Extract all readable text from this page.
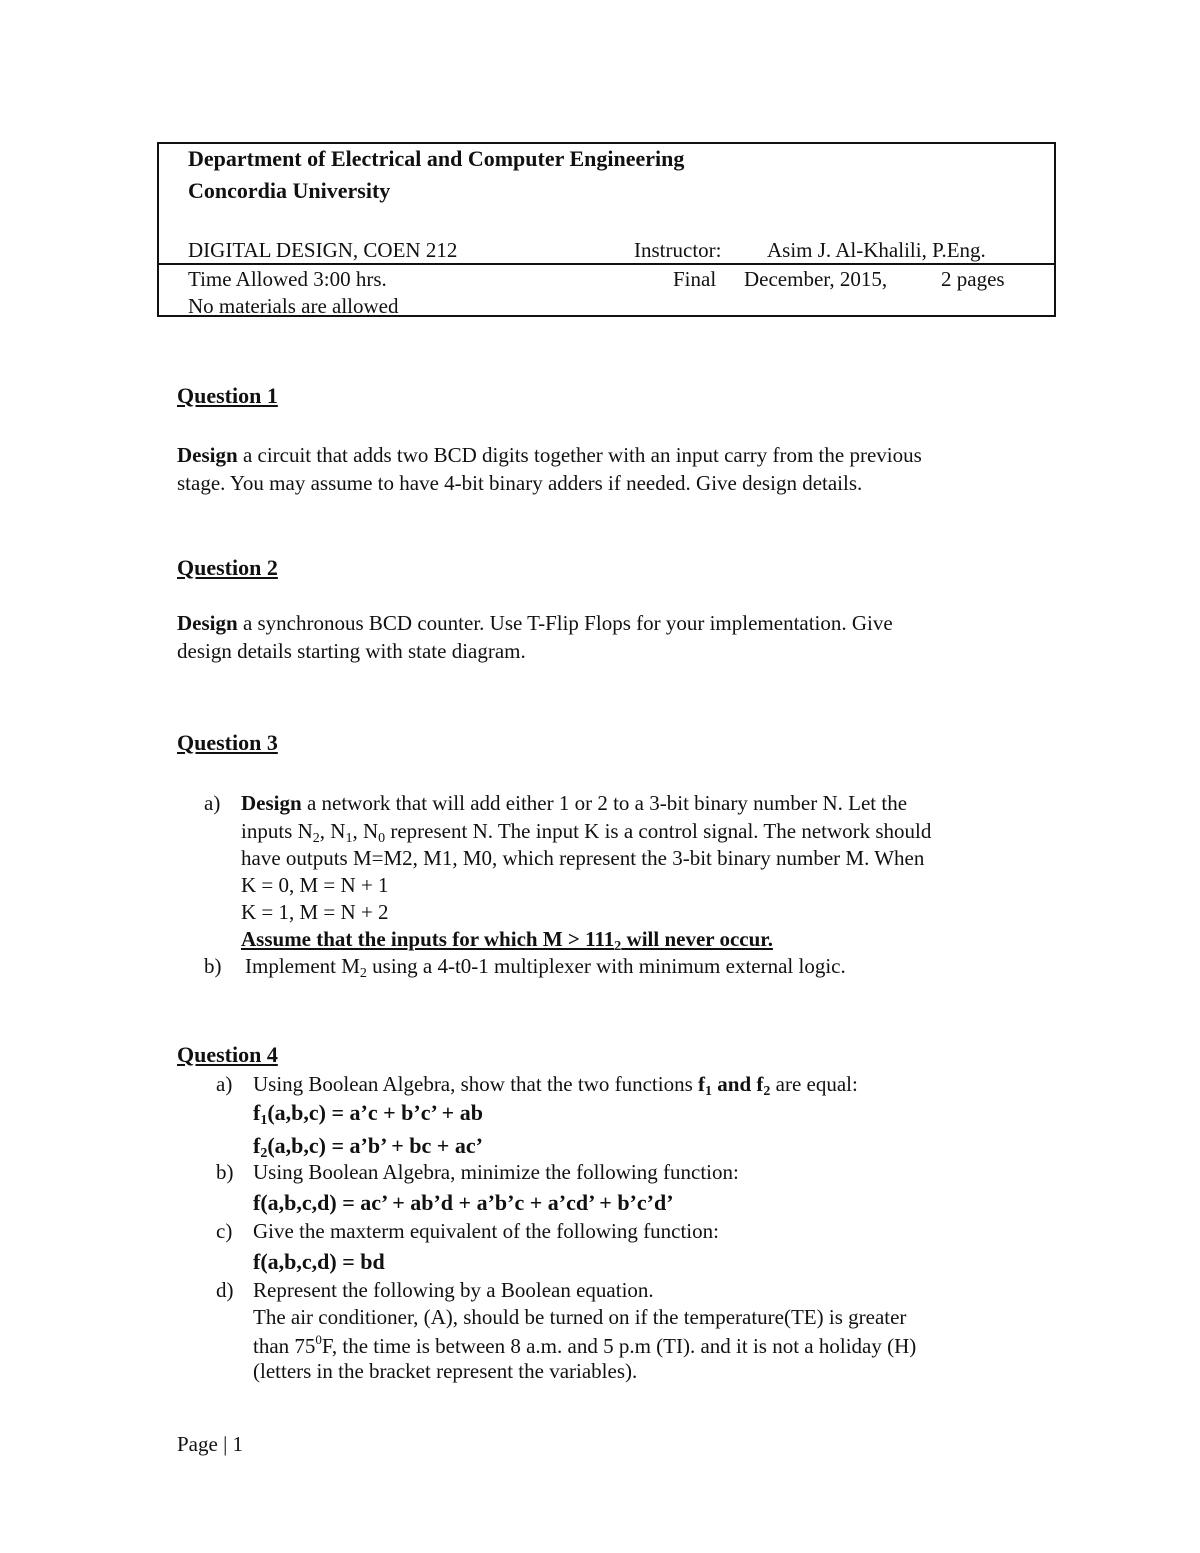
Department of Electrical and Computer Engineering
Concordia University
DIGITAL DESIGN, COEN 212	Instructor: Asim J. Al-Khalili, P.Eng.
Time Allowed 3:00 hrs.
No materials are allowed
Final December, 2015,	2 pages
Question 1
Design a circuit that adds two BCD digits together with an input carry from the previous
stage. You may assume to have 4-bit binary adders if needed. Give design details.
Question 2
Design a synchronous BCD counter. Use T-Flip Flops for your implementation. Give
design details starting with state diagram.
Question 3
a) Design a network that will add either 1 or 2 to a 3-bit binary number N. Let the
inputs $N_2$, $N_1$, $N_0$ represent N. The input K is a control signal. The network should
have outputs M=M2, M1, M0, which represent the 3-bit binary number M. When
K = 0, M = N + 1
K = 1, M = N + 2
Assume that the inputs for which $M > 111_2$ will never occur.
b) Implement $M_2$ using a 4-t0-1 multiplexer with minimum external logic.
Question 4
a) Using Boolean Algebra, show that the two functions $f_1$ and $f_2$ are equal:
$f_1(a,b,c)$ = a’c + b’c’ + ab
$f_2(a,b,c)$ = a’b’ + bc + ac’
b) Using Boolean Algebra, minimize the following function:
f(a,b,c,d) = ac’ + ab’d + a’b’c + a’cd’ + b’c’d’
c) Give the maxterm equivalent of the following function:
f(a,b,c,d) = bd
d) Represent the following by a Boolean equation.
The air conditioner, (A), should be turned on if the temperature(TE) is greater
than $75^0F$, the time is between 8 a.m. and 5 p.m (TI). and it is not a holiday (H)
(letters in the bracket represent the variables).
Page | 1
